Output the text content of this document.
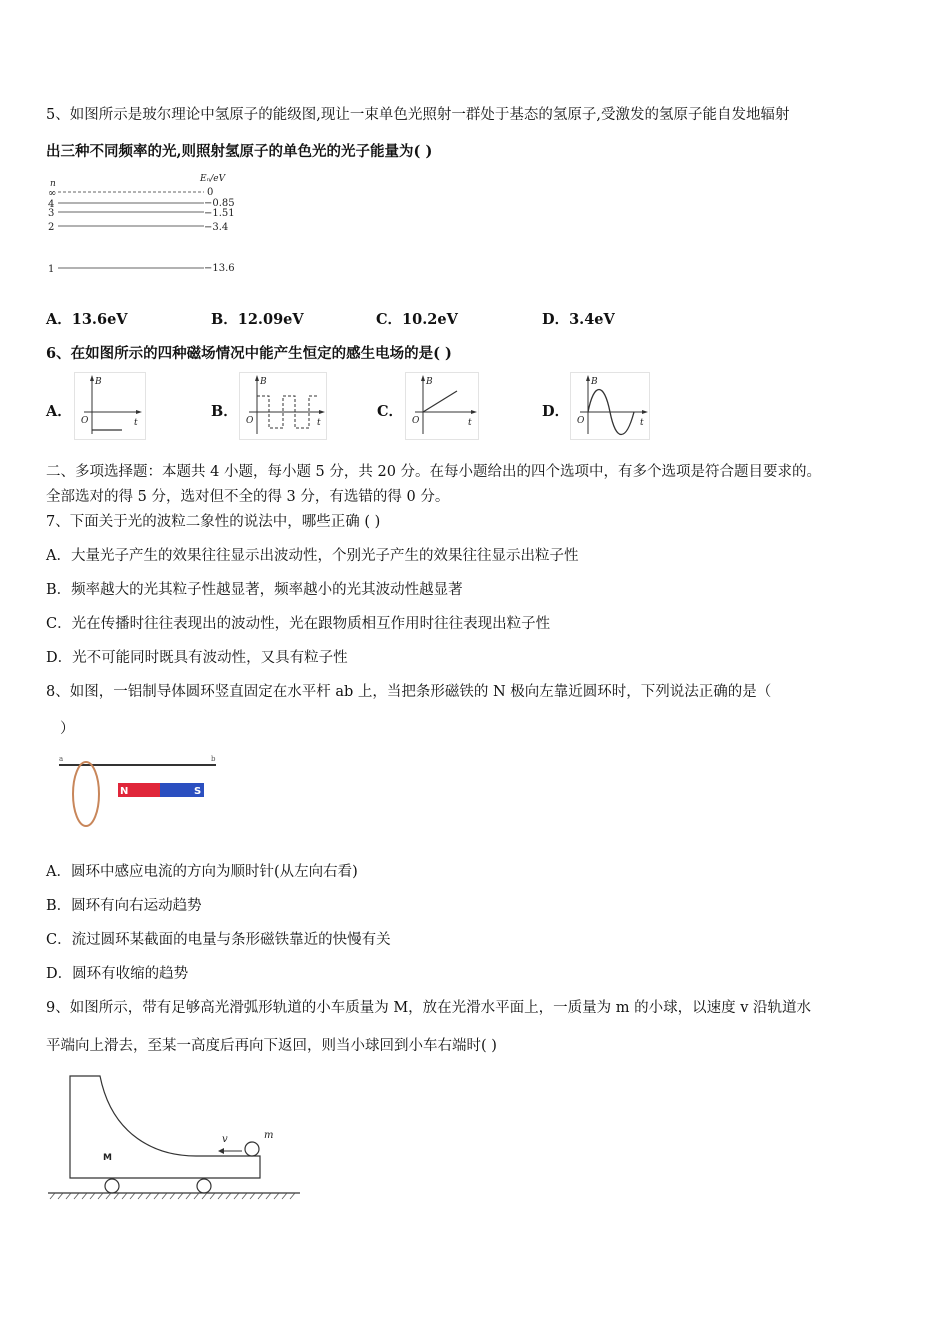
5、如图所示是玻尔理论中氢原子的能级图,现让一束单色光照射一群处于基态的氢原子,受激发的氢原子能自发地辐射
出三种不同频率的光,则照射氢原子的单色光的光子能量为( )
n	Eₙ/eV
∞
4
3
2
1
0
−0.85
−1.51
−3.4
−13.6
A．13.6eV	B．12.09eV	C．10.2eV	D．3.4eV
6、在如图所示的四种磁场情况中能产生恒定的感生电场的是( )
A．
B
t
O
B．
B
t
O
C．
B
t
O
D．
B
t
O
二、多项选择题：本题共 4 小题，每小题 5 分，共 20 分。在每小题给出的四个选项中，有多个选项是符合题目要求的。
全部选对的得 5 分，选对但不全的得 3 分，有选错的得 0 分。
7、下面关于光的波粒二象性的说法中，哪些正确 ( )
A．大量光子产生的效果往往显示出波动性，个别光子产生的效果往往显示出粒子性
B．频率越大的光其粒子性越显著，频率越小的光其波动性越显著
C．光在传播时往往表现出的波动性，光在跟物质相互作用时往往表现出粒子性
D．光不可能同时既具有波动性，又具有粒子性
8、如图，一铝制导体圆环竖直固定在水平杆 ab 上，当把条形磁铁的 N 极向左靠近圆环时，下列说法正确的是（
）
a	b
N	S
A．圆环中感应电流的方向为顺时针(从左向右看)
B．圆环有向右运动趋势
C．流过圆环某截面的电量与条形磁铁靠近的快慢有关
D．圆环有收缩的趋势
9、如图所示，带有足够高光滑弧形轨道的小车质量为 M，放在光滑水平面上，一质量为 m 的小球，以速度 v 沿轨道水
平端向上滑去，至某一高度后再向下返回，则当小球回到小车右端时( )
v	m
M
